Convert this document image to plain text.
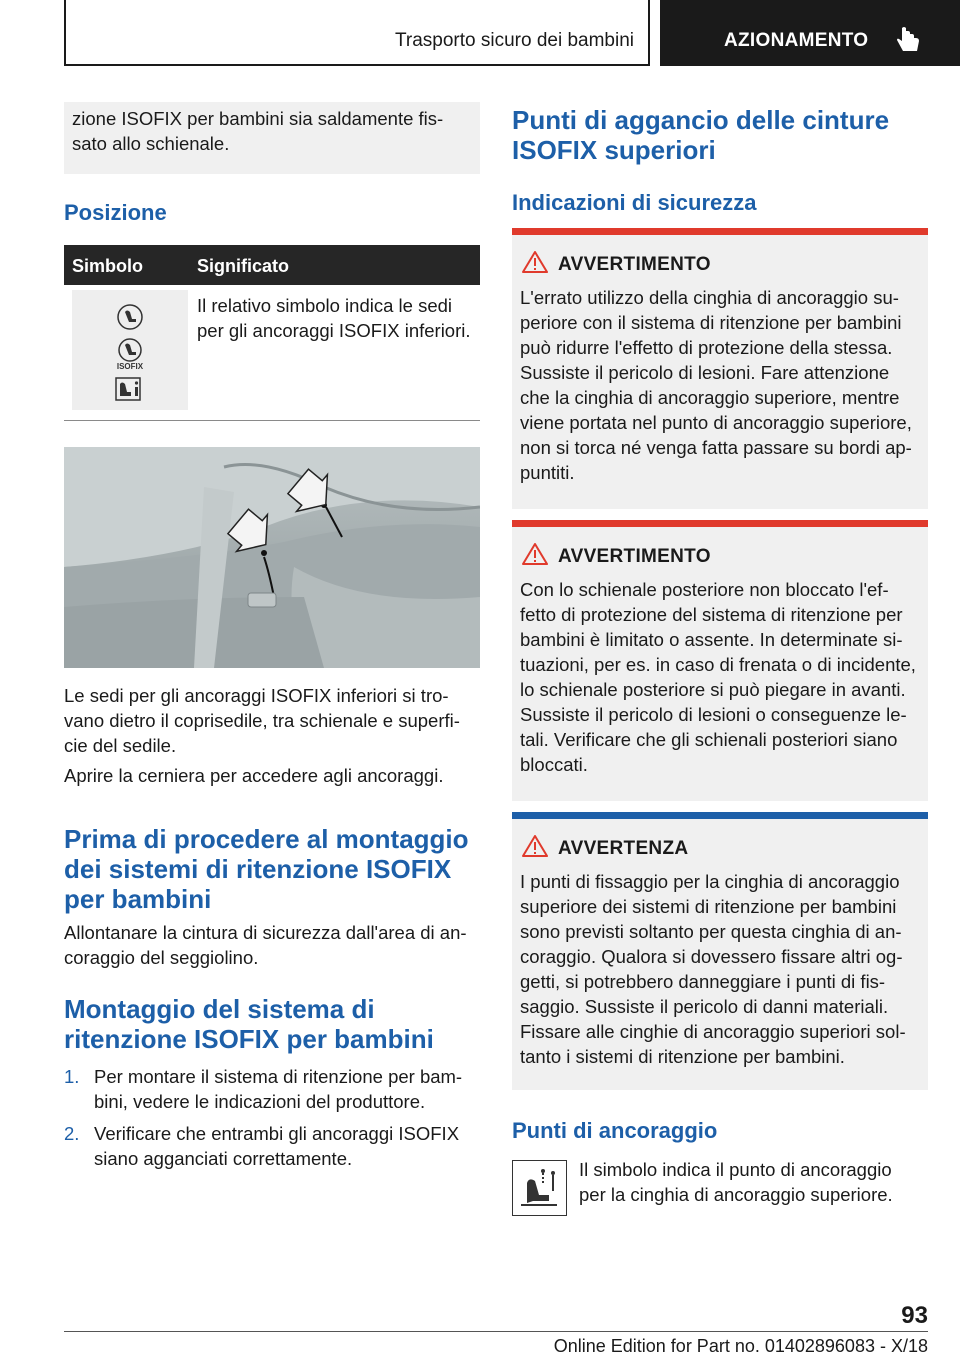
Trasporto sicuro dei bambini	AZIONAMENTO
zione ISOFIX per bambini sia saldamente fis-
sato allo schienale.
Posizione
Simbolo	Significato
ISOFIX
Il relativo simbolo indica le sedi
per gli ancoraggi ISOFIX inferiori.
Le sedi per gli ancoraggi ISOFIX inferiori si tro-
vano dietro il coprisedile, tra schienale e superfi-
cie del sedile.
Aprire la cerniera per accedere agli ancoraggi.
Prima di procedere al montaggio
dei sistemi di ritenzione ISOFIX
per bambini
Allontanare la cintura di sicurezza dall'area di an-
coraggio del seggiolino.
Montaggio del sistema di
ritenzione ISOFIX per bambini
1. Per montare il sistema di ritenzione per bam-
bini, vedere le indicazioni del produttore.
2. Verificare che entrambi gli ancoraggi ISOFIX
siano agganciati correttamente.
Punti di aggancio delle cinture
ISOFIX superiori
Indicazioni di sicurezza
AVVERTIMENTO
L'errato utilizzo della cinghia di ancoraggio su-
periore con il sistema di ritenzione per bambini
può ridurre l'effetto di protezione della stessa.
Sussiste il pericolo di lesioni. Fare attenzione
che la cinghia di ancoraggio superiore, mentre
viene portata nel punto di ancoraggio superiore,
non si torca né venga fatta passare su bordi ap-
puntiti.
AVVERTIMENTO
Con lo schienale posteriore non bloccato l'ef-
fetto di protezione del sistema di ritenzione per
bambini è limitato o assente. In determinate si-
tuazioni, per es. in caso di frenata o di incidente,
lo schienale posteriore si può piegare in avanti.
Sussiste il pericolo di lesioni o conseguenze le-
tali. Verificare che gli schienali posteriori siano
bloccati.
AVVERTENZA
I punti di fissaggio per la cinghia di ancoraggio
superiore dei sistemi di ritenzione per bambini
sono previsti soltanto per questa cinghia di an-
coraggio. Qualora si dovessero fissare altri og-
getti, si potrebbero danneggiare i punti di fis-
saggio. Sussiste il pericolo di danni materiali.
Fissare alle cinghie di ancoraggio superiori sol-
tanto i sistemi di ritenzione per bambini.
Punti di ancoraggio
Il simbolo indica il punto di ancoraggio
per la cinghia di ancoraggio superiore.
93
Online Edition for Part no. 01402896083 - X/18
